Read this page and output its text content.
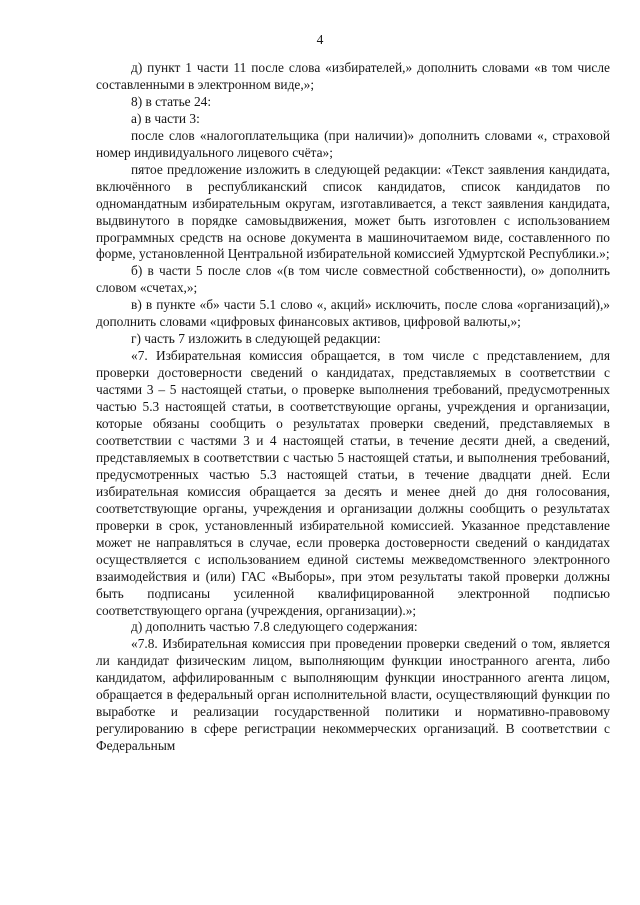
4

д) пункт 1 части 11 после слова «избирателей,» дополнить словами «в том числе составленными в электронном виде,»;

8) в статье 24:

а) в части 3:

после слов «налогоплательщика (при наличии)» дополнить словами «, страховой номер индивидуального лицевого счёта»;

пятое предложение изложить в следующей редакции: «Текст заявления кандидата, включённого в республиканский список кандидатов, список кандидатов по одномандатным избирательным округам, изготавливается, а текст заявления кандидата, выдвинутого в порядке самовыдвижения, может быть изготовлен с использованием программных средств на основе документа в машиночитаемом виде, составленного по форме, установленной Центральной избирательной комиссией Удмуртской Республики.»;

б) в части 5 после слов «(в том числе совместной собственности), о» дополнить словом «счетах,»;

в) в пункте «б» части 5.1 слово «, акций» исключить, после слова «организаций),» дополнить словами «цифровых финансовых активов, цифровой валюты,»;

г) часть 7 изложить в следующей редакции:

«7. Избирательная комиссия обращается, в том числе с представлением, для проверки достоверности сведений о кандидатах, представляемых в соответствии с частями 3 – 5 настоящей статьи, о проверке выполнения требований, предусмотренных частью 5.3 настоящей статьи, в соответствующие органы, учреждения и организации, которые обязаны сообщить о результатах проверки сведений, представляемых в соответствии с частями 3 и 4 настоящей статьи, в течение десяти дней, а сведений, представляемых в соответствии с частью 5 настоящей статьи, и выполнения требований, предусмотренных частью 5.3 настоящей статьи, в течение двадцати дней. Если избирательная комиссия обращается за десять и менее дней до дня голосования, соответствующие органы, учреждения и организации должны сообщить о результатах проверки в срок, установленный избирательной комиссией. Указанное представление может не направляться в случае, если проверка достоверности сведений о кандидатах осуществляется с использованием единой системы межведомственного электронного взаимодействия и (или) ГАС «Выборы», при этом результаты такой проверки должны быть подписаны усиленной квалифицированной электронной подписью соответствующего органа (учреждения, организации).»;

д) дополнить частью 7.8 следующего содержания:

«7.8. Избирательная комиссия при проведении проверки сведений о том, является ли кандидат физическим лицом, выполняющим функции иностранного агента, либо кандидатом, аффилированным с выполняющим функции иностранного агента лицом, обращается в федеральный орган исполнительной власти, осуществляющий функции по выработке и реализации государственной политики и нормативно-правовому регулированию в сфере регистрации некоммерческих организаций. В соответствии с Федеральным
